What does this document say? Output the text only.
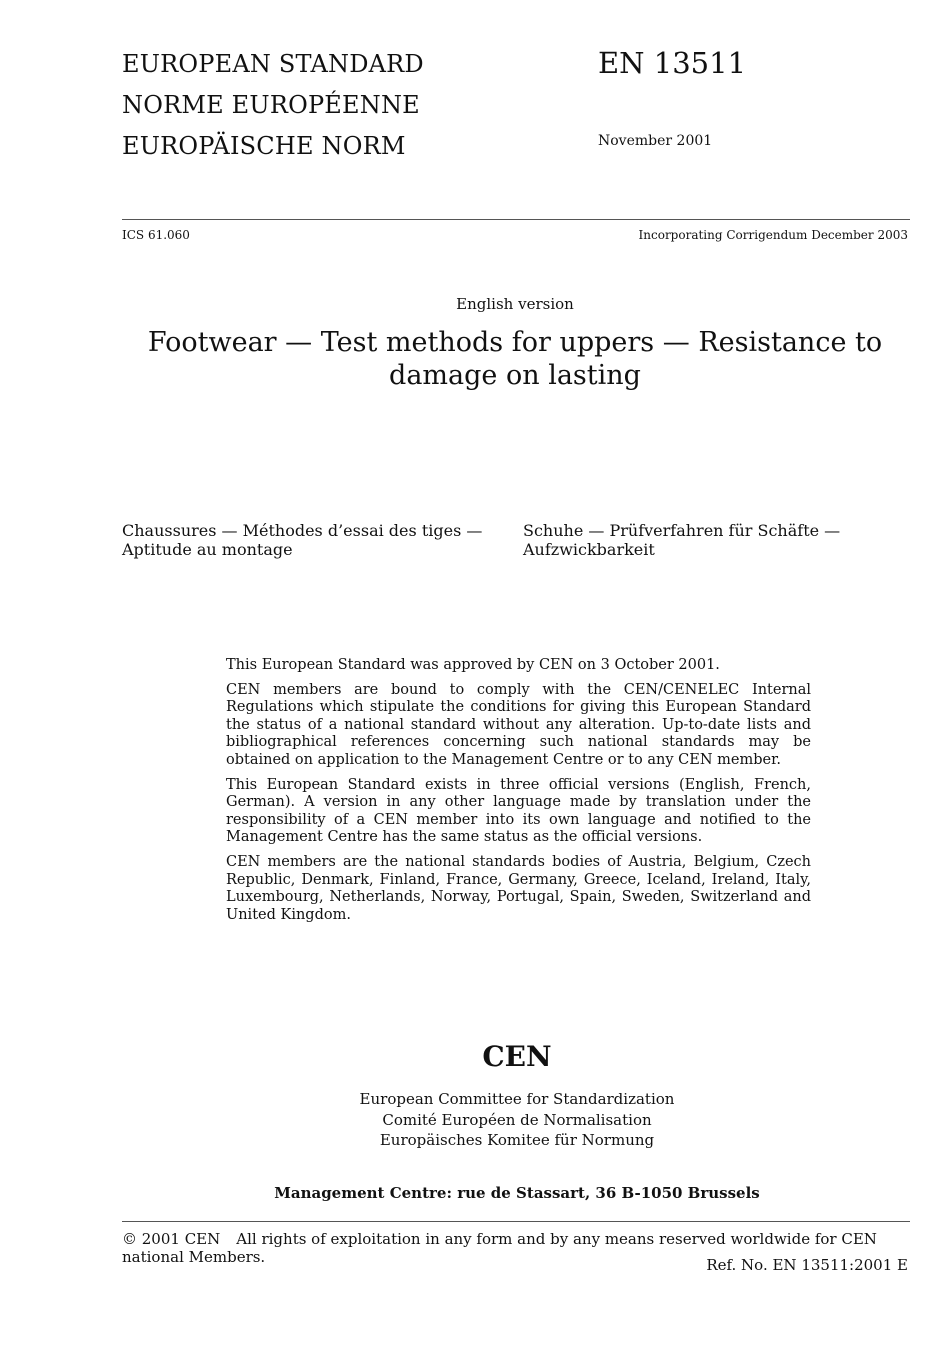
EUROPEAN STANDARD
NORME EUROPÉENNE
EUROPÄISCHE NORM
EN 13511
November 2001
ICS 61.060	Incorporating Corrigendum December 2003
English version
Footwear — Test methods for uppers — Resistance to damage on lasting
Chaussures — Méthodes d’essai des tiges — Aptitude au montage
Schuhe — Prüfverfahren für Schäfte — Aufzwickbarkeit

This European Standard was approved by CEN on 3 October 2001.

CEN members are bound to comply with the CEN/CENELEC Internal Regulations which stipulate the conditions for giving this European Standard the status of a national standard without any alteration. Up-to-date lists and bibliographical references concerning such national standards may be obtained on application to the Management Centre or to any CEN member.

This European Standard exists in three official versions (English, French, German). A version in any other language made by translation under the responsibility of a CEN member into its own language and notified to the Management Centre has the same status as the official versions.

CEN members are the national standards bodies of Austria, Belgium, Czech Republic, Denmark, Finland, France, Germany, Greece, Iceland, Ireland, Italy, Luxembourg, Netherlands, Norway, Portugal, Spain, Sweden, Switzerland and United Kingdom.

CEN
European Committee for Standardization
Comité Européen de Normalisation
Europäisches Komitee für Normung
Management Centre: rue de Stassart, 36 B-1050 Brussels
© 2001 CEN All rights of exploitation in any form and by any means reserved worldwide for CEN national Members.	Ref. No. EN 13511:2001 E
